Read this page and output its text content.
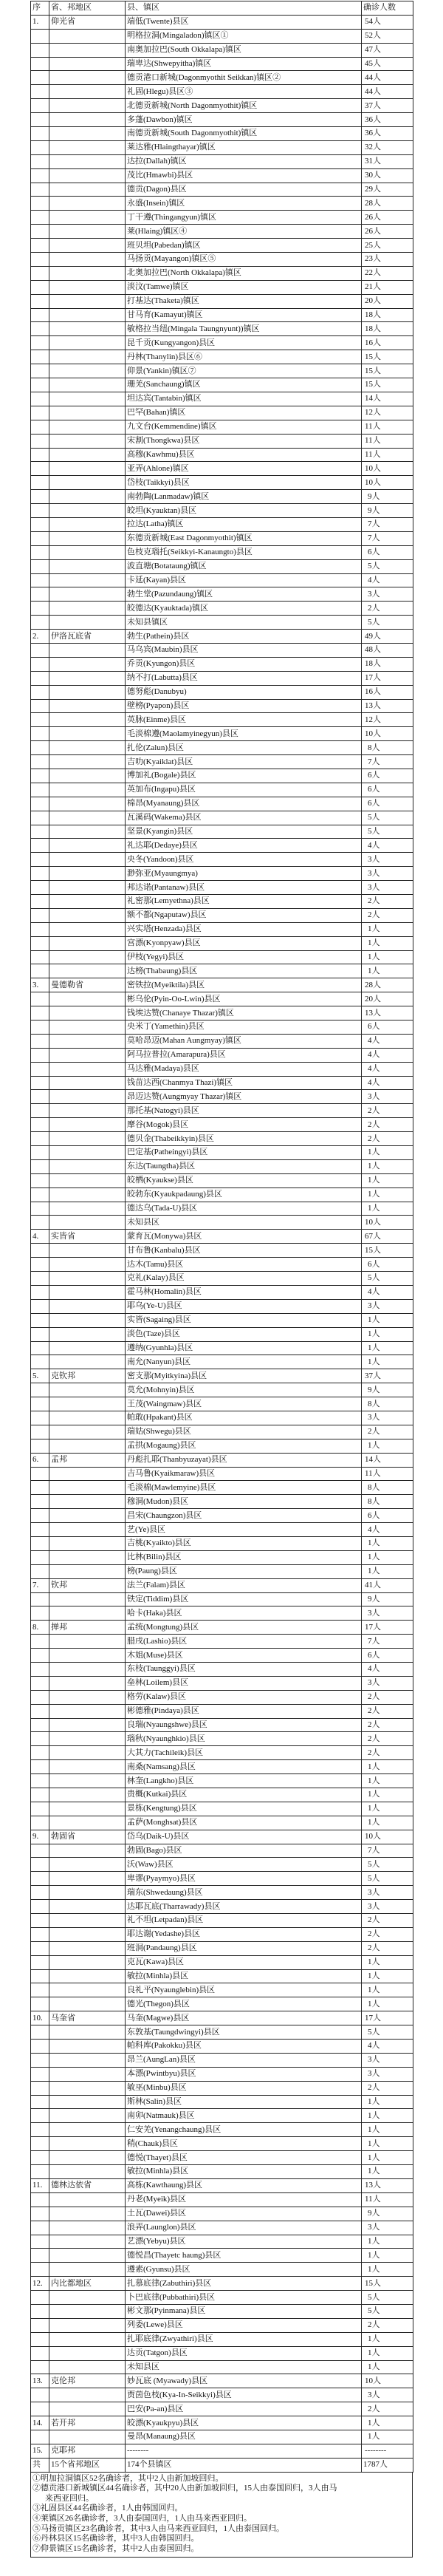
序	省、邦地区	县、镇区	确诊人数
1.	仰光省	端低(Twente)县区	54人
		明格拉洞(Mingaladon)镇区①	52人
		南奥加拉巴(South Okkalapa)镇区	47人
		瑞卑达(Shwepyitha)镇区	45人
		德贡港口新城(Dagonmyothit Seikkan)镇区②	44人
		礼固(Hlegu)县区③	44人
		北德贡新城(North Dagonmyothit)镇区	37人
		多蓬(Dawbon)镇区	36人
		南德贡新城(South Dagonmyothit)镇区	36人
		莱达雅(Hlaingthayar)镇区	32人
		达拉(Dallah)镇区	31人
		茂比(Hmawbi)县区	30人
		德贡(Dagon)县区	29人
		永盛(Insein)镇区	28人
		丁干遵(Thingangyun)镇区	26人
		莱(Hlaing)镇区④	26人
		班贝坦(Pabedan)镇区	25人
		马扬贡(Mayangon)镇区⑤	23人
		北奥加拉巴(North Okkalapa)镇区	22人
		淡汶(Tamwe)镇区	21人
		打基达(Thaketa)镇区	20人
		甘马育(Kamayut)镇区	18人
		敏格拉当纽(Mingala Taungnyunt))镇区	18人
		昆千贡(Kungyangon)县区	16人
		丹林(Thanylin)县区⑥	15人
		仰景(Yankin)镇区⑦	15人
		珊羌(Sanchaung)镇区	15人
		坦达宾(Tantabin)镇区	14人
		巴罕(Bahan)镇区	12人
		九文台(Kemmendine)镇区	11人
		宋割(Thongkwa)县区	11人
		高穆(Kawhmu)县区	11人
		亚弄(Ahlone)镇区	10人
		岱枝(Taikkyi)县区	10人
		南勃陶(Lanmadaw)镇区	9人
		皎坦(Kyauktan)县区	9人
		拉达(Latha)镇区	7人
		东德贡新城(East Dagonmyothit)镇区	7人
		色枝克瑙托(Seikkyi-Kanaungto)县区	6人
		波直塘(Botataung)镇区	5人
		卡延(Kayan)县区	4人
		勃生堂(Pazundaung)镇区	3人
		皎德达(Kyauktada)镇区	2人
		未知县镇区	5人
2.	伊洛瓦底省	勃生(Pathein)县区	49人
		马乌宾(Maubin)县区	48人
		乔贡(Kyungon)县区	18人
		纳不打(Labutta)县区	17人
		德努彪(Danubyu)	16人
		壁榜(Pyapon)县区	13人
		英脉(Einme)县区	12人
		毛淡棉遵(Maolamyinegyun)县区	10人
		扎伦(Zalun)县区	8人
		吉叻(Kyaiklat)县区	7人
		博加礼(Bogale)县区	6人
		英加布(Ingapu)县区	6人
		棉昂(Myanaung)县区	6人
		瓦溪码(Wakema)县区	5人
		坚景(Kyangin)县区	5人
		礼达耶(Dedaye)县区	4人
		央冬(Yandoon)县区	3人
		渺弥亚(Myaungmya)	3人
		邦达诺(Pantanaw)县区	3人
		礼密那(Lemyethna)县区	2人
		额不都(Ngaputaw)县区	2人
		兴实塔(Henzada)县区	1人
		宫漂(Kyonpyaw)县区	1人
		伊枝(Yegyi)县区	1人
		达榜(Thabaung)县区	1人
3.	曼德勒省	密铁拉(Myeiktila)县区	28人
		彬乌伦(Pyin-Oo-Lwin)县区	20人
		钱埃达赞(Chanaye Thazar)镇区	13人
		央米丁(Yamethin)县区	6人
		莫哈昂迈(Mahan Aungmyay)镇区	4人
		阿马拉普拉(Amarapura)县区	4人
		马达雅(Madaya)县区	4人
		钱苗达西(Chanmya Thazi)镇区	4人
		昂迈达赞(Aungmyay Thazar)镇区	3人
		那托基(Natogyi)县区	2人
		摩谷(Mogok)县区	2人
		德贝金(Thabeikkyin)县区	2人
		巴定基(Patheingyi)县区	1人
		东达(Taungtha)县区	1人
		皎栖(Kyaukse)县区	1人
		皎勃东(Kyaukpadaung)县区	1人
		德达乌(Tada-U)县区	1人
		未知县区	10人
4.	实皆省	蒙育瓦(Monywa)县区	67人
		甘布鲁(Kanbalu)县区	15人
		达木(Tamu)县区	6人
		克礼(Kalay)县区	5人
		霍马林(Homalin)县区	4人
		耶乌(Ye-U)县区	3人
		实皆(Sagaing)县区	1人
		淡色(Taze)县区	1人
		遵纳(Gyunhla)县区	1人
		南允(Nanyun)县区	1人
5.	克钦邦	密支那(Myitkyina)县区	37人
		莫允(Mohnyin)县区	9人
		王茂(Waingmaw)县区	8人
		帕敢(Hpakant)县区	3人
		瑞姑(Shwegu)县区	2人
		孟拱(Mogaung)县区	1人
6.	孟邦	丹彪扎耶(Thanbyuzayat)县区	14人
		吉马鲁(Kyaikmaraw)县区	11人
		毛淡棉(Mawlemyine)县区	8人
		穆洞(Mudon)县区	8人
		昌宋(Chaungzon)县区	6人
		艺(Ye)县区	4人
		吉桃(Kyaikto)县区	1人
		比林(Bilin)县区	1人
		榜(Paung)县区	1人
7.	钦邦	法兰(Falam)县区	41人
		铁定(Tiddim)县区	9人
		哈卡(Haka)县区	3人
8.	掸邦	孟统(Mongtung)县区	17人
		腊戌(Lashio)县区	7人
		木姐(Muse)县区	6人
		东枝(Taunggyi)县区	4人
		垒林(Loilem)县区	3人
		格劳(Kalaw)县区	2人
		彬德雅(Pindaya)县区	2人
		良瑞(Nyaungshwe)县区	2人
		瑙秋(Nyaunghkio)县区	2人
		大其力(Tachileik)县区	2人
		南桑(Namsang)县区	1人
		林奎(Langkho)县区	1人
		贵概(Kutkai)县区	1人
		景栋(Kengtung)县区	1人
		孟萨(Monghsat)县区	1人
9.	勃固省	岱乌(Daik-U)县区	10人
		勃固(Bago)县区	7人
		沃(Waw)县区	5人
		卑谬(Pyaymyo)县区	5人
		瑞东(Shwedaung)县区	3人
		达耶瓦底(Tharrawady)县区	3人
		礼不坦(Letpadan)县区	2人
		耶达谢(Yedashe)县区	2人
		班洞(Pandaung)县区	2人
		克瓦(Kawa)县区	1人
		敏拉(Minhla)县区	1人
		良礼平(Nyaunglebin)县区	1人
		德光(Thegon)县区	1人
10.	马奎省	马奎(Magwe)县区	17人
		东敦基(Taungdwingyi)县区	5人
		帕科库(Pakokku)县区	4人
		昂兰(AungLan)县区	3人
		本漂(Pwintbyu)县区	3人
		敏巫(Minbu)县区	2人
		斯林(Salin)县区	1人
		南卯(Natmauk)县区	1人
		仁安羌(Yenangchaung)县区	1人
		稍(Chauk)县区	1人
		德悦(Thayet)县区	1人
		敏拉(Minhla)县区	1人
11.	德林达依省	高栋(Kawthaung)县区	13人
		丹老(Myeik)县区	11人
		土瓦(Dawei)县区	9人
		浪弄(Launglon)县区	3人
		艺漂(Yebyu)县区	1人
		德悦昌(Thayetc haung)县区	1人
		遵素(Gyunsu)县区	1人
12.	内比都地区	扎慕底律(Zabuthiri)县区	15人
		卜巴底律(Pubbathiri)县区	5人
		彬文那(Pyinmana)县区	5人
		列委(Lewe)县区	2人
		扎耶底律(Zwyathiri)县区	1人
		达贡(Tatgon)县区	1人
		未知县区	1人
13.	克伦邦	妙瓦底 (Myawady)县区	10人
		贾茵色枝(Kya-In-Seikkyi)县区	3人
		巴安(Pa-an)县区	2人
14.	若开邦	皎漂(Kyaukpyu)县区	1人
		曼昂(Manaung)县区	1人
15.	克耶邦	--------	--------
共	15个省邦地区	174个县镇区	1787人
①明加拉洞镇区52名确诊者，其中2人由新加坡回归。
②德贡港口新城镇区44名确诊者，其中20人由新加坡回归，15人由泰国回归，3人由马
来西亚回归。
③礼固县区44名确诊者，1人由韩国回归。
④莱镇区26名确诊者，3人由泰国回归，1人由马来西亚回归。
⑤马扬贡镇区23名确诊者，其中3人由马来西亚回归，1人由泰国回归。
⑥丹林县区15名确诊者，其中3人由韩国回归。
⑦仰景镇区15名确诊者，其中2人由泰国回归。
